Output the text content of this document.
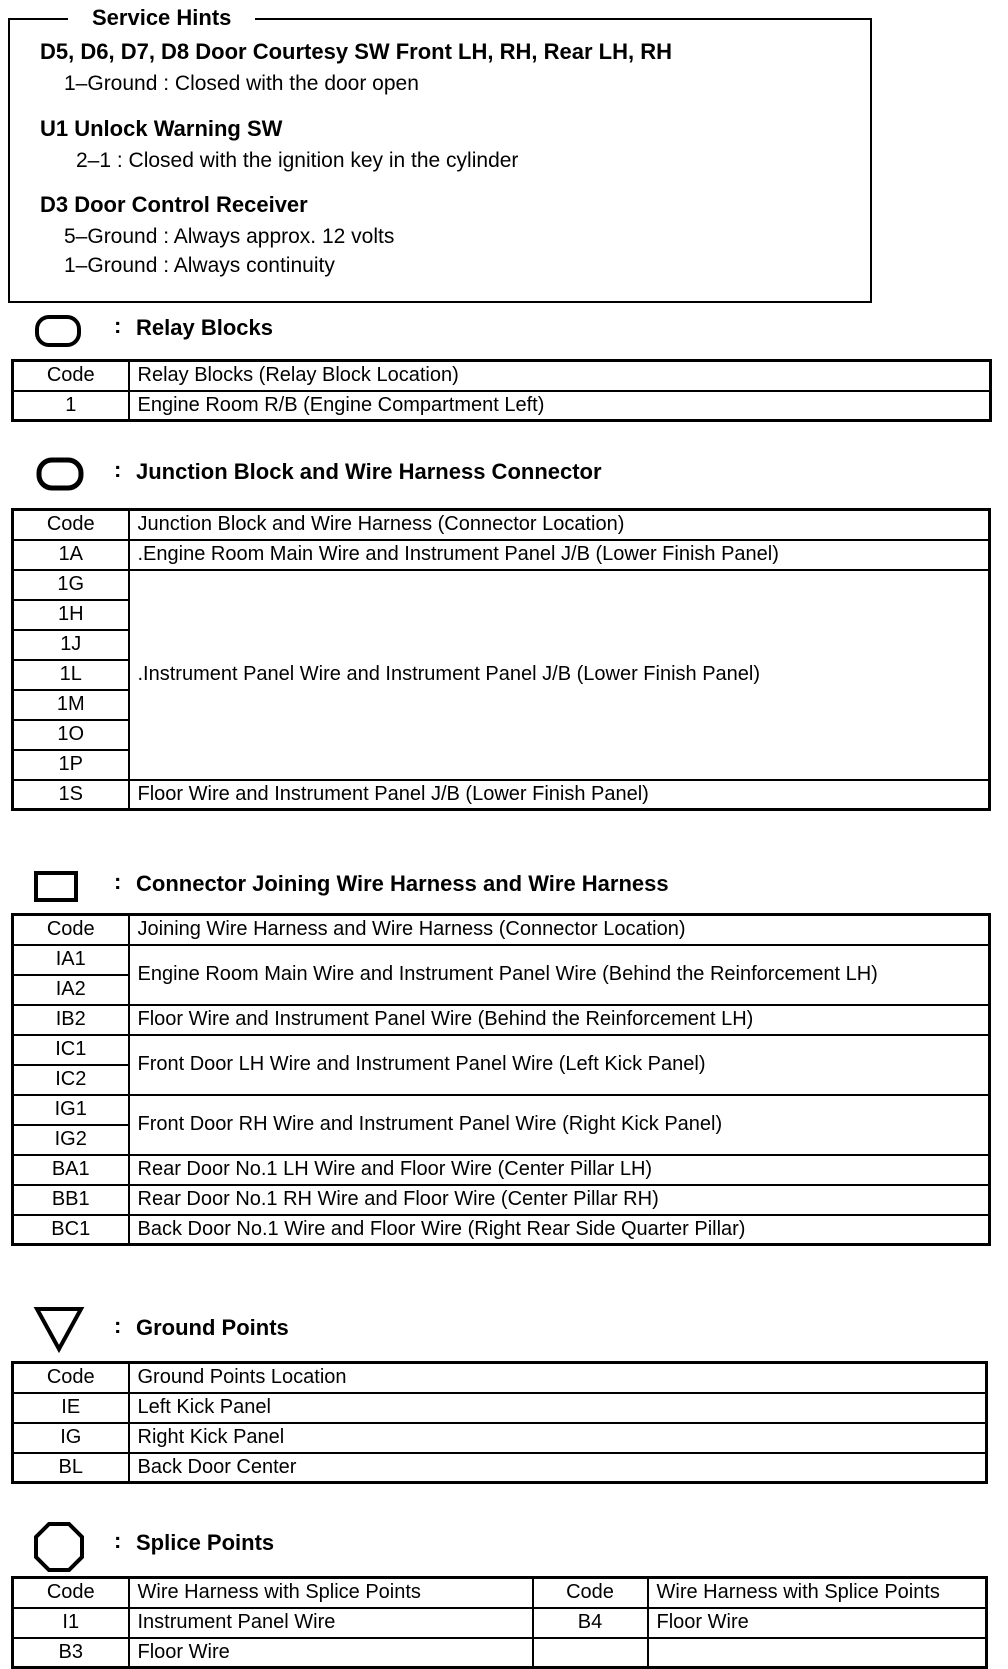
Service Hints
D5, D6, D7, D8 Door Courtesy SW Front LH, RH, Rear LH, RH
1–Ground : Closed with the door open
U1 Unlock Warning SW
2–1 : Closed with the ignition key in the cylinder
D3 Door Control Receiver
5–Ground : Always approx. 12 volts
1–Ground : Always continuity
: Relay Blocks
Code	Relay Blocks (Relay Block Location)
1	Engine Room R/B (Engine Compartment Left)
: Junction Block and Wire Harness Connector
Code	Junction Block and Wire Harness (Connector Location)
1A	.Engine Room Main Wire and Instrument Panel J/B (Lower Finish Panel)
1G	.Instrument Panel Wire and Instrument Panel J/B (Lower Finish Panel)
1H	
1J	
1L	
1M	
1O	
1P	
1S	Floor Wire and Instrument Panel J/B (Lower Finish Panel)
: Connector Joining Wire Harness and Wire Harness
Code	Joining Wire Harness and Wire Harness (Connector Location)
IA1	Engine Room Main Wire and Instrument Panel Wire (Behind the Reinforcement LH)
IA2	
IB2	Floor Wire and Instrument Panel Wire (Behind the Reinforcement LH)
IC1	Front Door LH Wire and Instrument Panel Wire (Left Kick Panel)
IC2	
IG1	Front Door RH Wire and Instrument Panel Wire (Right Kick Panel)
IG2	
BA1	Rear Door No.1 LH Wire and Floor Wire (Center Pillar LH)
BB1	Rear Door No.1 RH Wire and Floor Wire (Center Pillar RH)
BC1	Back Door No.1 Wire and Floor Wire (Right Rear Side Quarter Pillar)
: Ground Points
Code	Ground Points Location
IE	Left Kick Panel
IG	Right Kick Panel
BL	Back Door Center
: Splice Points
Code	Wire Harness with Splice Points	Code	Wire Harness with Splice Points
I1	Instrument Panel Wire	B4	Floor Wire
B3	Floor Wire		
